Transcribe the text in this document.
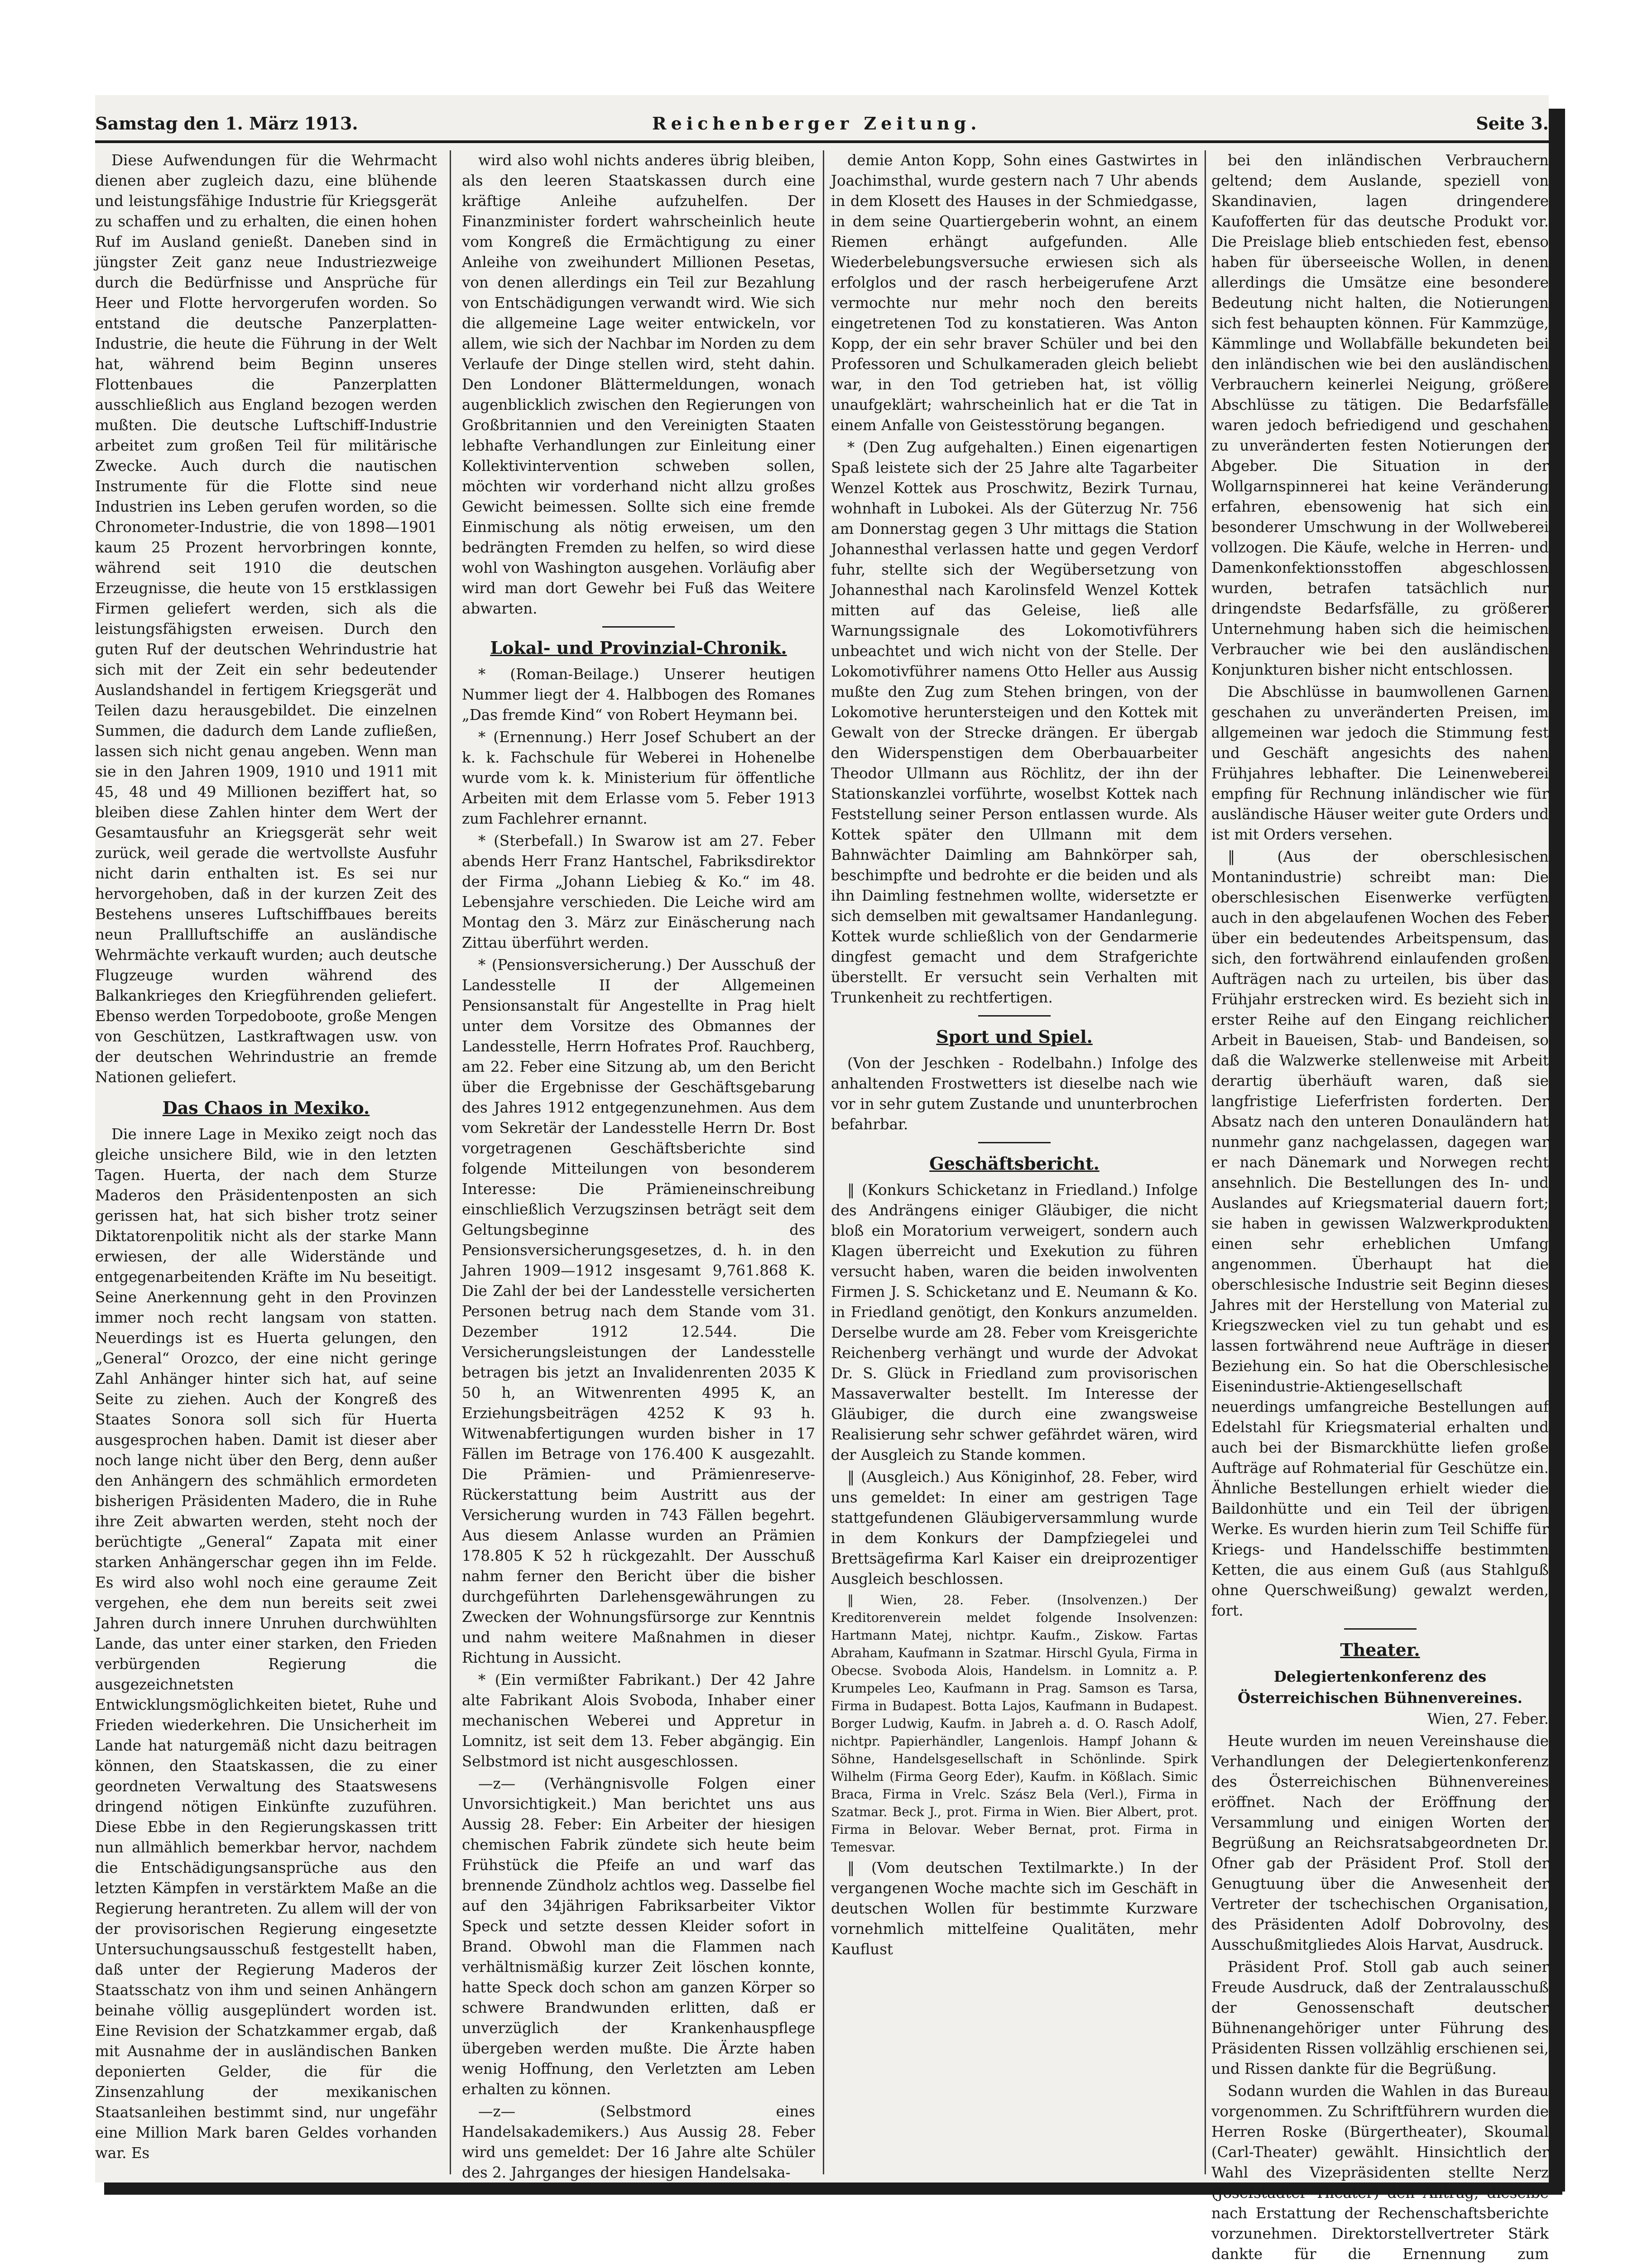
Samstag den 1. März 1913.	Reichenberger Zeitung.	Seite 3.

Diese Aufwendungen für die Wehrmacht dienen aber zugleich dazu, eine blühende und leistungsfähige Industrie für Kriegsgerät zu schaffen und zu erhalten, die einen hohen Ruf im Ausland genießt. Daneben sind in jüngster Zeit ganz neue Industriezweige durch die Bedürfnisse und Ansprüche für Heer und Flotte hervorgerufen worden. So entstand die deutsche Panzerplatten-Industrie, die heute die Führung in der Welt hat, während beim Beginn unseres Flottenbaues die Panzerplatten ausschließlich aus England bezogen werden mußten. Die deutsche Luftschiff-Industrie arbeitet zum großen Teil für militärische Zwecke. Auch durch die nautischen Instrumente für die Flotte sind neue Industrien ins Leben gerufen worden, so die Chronometer-Industrie, die von 1898—1901 kaum 25 Prozent hervorbringen konnte, während seit 1910 die deutschen Erzeugnisse, die heute von 15 erstklassigen Firmen geliefert werden, sich als die leistungsfähigsten erweisen. Durch den guten Ruf der deutschen Wehrindustrie hat sich mit der Zeit ein sehr bedeutender Auslandshandel in fertigem Kriegsgerät und Teilen dazu herausgebildet. Die einzelnen Summen, die dadurch dem Lande zufließen, lassen sich nicht genau angeben. Wenn man sie in den Jahren 1909, 1910 und 1911 mit 45, 48 und 49 Millionen beziffert hat, so bleiben diese Zahlen hinter dem Wert der Gesamtausfuhr an Kriegsgerät sehr weit zurück, weil gerade die wertvollste Ausfuhr nicht darin enthalten ist. Es sei nur hervorgehoben, daß in der kurzen Zeit des Bestehens unseres Luftschiffbaues bereits neun Prallluftschiffe an ausländische Wehrmächte verkauft wurden; auch deutsche Flugzeuge wurden während des Balkankrieges den Kriegführenden geliefert. Ebenso werden Torpedoboote, große Mengen von Geschützen, Lastkraftwagen usw. von der deutschen Wehrindustrie an fremde Nationen geliefert.

Das Chaos in Mexiko.

Die innere Lage in Mexiko zeigt noch das gleiche unsichere Bild, wie in den letzten Tagen. Huerta, der nach dem Sturze Maderos den Präsidentenposten an sich gerissen hat, hat sich bisher trotz seiner Diktatorenpolitik nicht als der starke Mann erwiesen, der alle Widerstände und entgegenarbeitenden Kräfte im Nu beseitigt. Seine Anerkennung geht in den Provinzen immer noch recht langsam von statten. Neuerdings ist es Huerta gelungen, den „General“ Orozco, der eine nicht geringe Zahl Anhänger hinter sich hat, auf seine Seite zu ziehen. Auch der Kongreß des Staates Sonora soll sich für Huerta ausgesprochen haben. Damit ist dieser aber noch lange nicht über den Berg, denn außer den Anhängern des schmählich ermordeten bisherigen Präsidenten Madero, die in Ruhe ihre Zeit abwarten werden, steht noch der berüchtigte „General“ Zapata mit einer starken Anhängerschar gegen ihn im Felde. Es wird also wohl noch eine geraume Zeit vergehen, ehe dem nun bereits seit zwei Jahren durch innere Unruhen durchwühlten Lande, das unter einer starken, den Frieden verbürgenden Regierung die ausgezeichnetsten Entwicklungsmöglichkeiten bietet, Ruhe und Frieden wiederkehren. Die Unsicherheit im Lande hat naturgemäß nicht dazu beitragen können, den Staatskassen, die zu einer geordneten Verwaltung des Staatswesens dringend nötigen Einkünfte zuzuführen. Diese Ebbe in den Regierungskassen tritt nun allmählich bemerkbar hervor, nachdem die Entschädigungsansprüche aus den letzten Kämpfen in verstärktem Maße an die Regierung herantreten. Zu allem will der von der provisorischen Regierung eingesetzte Untersuchungsausschuß festgestellt haben, daß unter der Regierung Maderos der Staatsschatz von ihm und seinen Anhängern beinahe völlig ausgeplündert worden ist. Eine Revision der Schatzkammer ergab, daß mit Ausnahme der in ausländischen Banken deponierten Gelder, die für die Zinsenzahlung der mexikanischen Staatsanleihen bestimmt sind, nur ungefähr eine Million Mark baren Geldes vorhanden war. Es

wird also wohl nichts anderes übrig bleiben, als den leeren Staatskassen durch eine kräftige Anleihe aufzuhelfen. Der Finanzminister fordert wahrscheinlich heute vom Kongreß die Ermächtigung zu einer Anleihe von zweihundert Millionen Pesetas, von denen allerdings ein Teil zur Bezahlung von Entschädigungen verwandt wird. Wie sich die allgemeine Lage weiter entwickeln, vor allem, wie sich der Nachbar im Norden zu dem Verlaufe der Dinge stellen wird, steht dahin. Den Londoner Blättermeldungen, wonach augenblicklich zwischen den Regierungen von Großbritannien und den Vereinigten Staaten lebhafte Verhandlungen zur Einleitung einer Kollektivintervention schweben sollen, möchten wir vorderhand nicht allzu großes Gewicht beimessen. Sollte sich eine fremde Einmischung als nötig erweisen, um den bedrängten Fremden zu helfen, so wird diese wohl von Washington ausgehen. Vorläufig aber wird man dort Gewehr bei Fuß das Weitere abwarten.

Lokal- und Provinzial-Chronik.

* (Roman-Beilage.) Unserer heutigen Nummer liegt der 4. Halbbogen des Romanes „Das fremde Kind“ von Robert Heymann bei.

* (Ernennung.) Herr Josef Schubert an der k. k. Fachschule für Weberei in Hohenelbe wurde vom k. k. Ministerium für öffentliche Arbeiten mit dem Erlasse vom 5. Feber 1913 zum Fachlehrer ernannt.

* (Sterbefall.) In Swarow ist am 27. Feber abends Herr Franz Hantschel, Fabriksdirektor der Firma „Johann Liebieg & Ko.“ im 48. Lebensjahre verschieden. Die Leiche wird am Montag den 3. März zur Einäscherung nach Zittau überführt werden.

* (Pensionsversicherung.) Der Ausschuß der Landesstelle II der Allgemeinen Pensionsanstalt für Angestellte in Prag hielt unter dem Vorsitze des Obmannes der Landesstelle, Herrn Hofrates Prof. Rauchberg, am 22. Feber eine Sitzung ab, um den Bericht über die Ergebnisse der Geschäftsgebarung des Jahres 1912 entgegenzunehmen. Aus dem vom Sekretär der Landesstelle Herrn Dr. Bost vorgetragenen Geschäftsberichte sind folgende Mitteilungen von besonderem Interesse: Die Prämieneinschreibung einschließlich Verzugszinsen beträgt seit dem Geltungsbeginne des Pensionsversicherungsgesetzes, d. h. in den Jahren 1909—1912 insgesamt 9,761.868 K. Die Zahl der bei der Landesstelle versicherten Personen betrug nach dem Stande vom 31. Dezember 1912 12.544. Die Versicherungsleistungen der Landesstelle betragen bis jetzt an Invalidenrenten 2035 K 50 h, an Witwenrenten 4995 K, an Erziehungsbeiträgen 4252 K 93 h. Witwenabfertigungen wurden bisher in 17 Fällen im Betrage von 176.400 K ausgezahlt. Die Prämien- und Prämienreserve-Rückerstattung beim Austritt aus der Versicherung wurden in 743 Fällen begehrt. Aus diesem Anlasse wurden an Prämien 178.805 K 52 h rückgezahlt. Der Ausschuß nahm ferner den Bericht über die bisher durchgeführten Darlehensgewährungen zu Zwecken der Wohnungsfürsorge zur Kenntnis und nahm weitere Maßnahmen in dieser Richtung in Aussicht.

* (Ein vermißter Fabrikant.) Der 42 Jahre alte Fabrikant Alois Svoboda, Inhaber einer mechanischen Weberei und Appretur in Lomnitz, ist seit dem 13. Feber abgängig. Ein Selbstmord ist nicht ausgeschlossen.

—z— (Verhängnisvolle Folgen einer Unvorsichtigkeit.) Man berichtet uns aus Aussig 28. Feber: Ein Arbeiter der hiesigen chemischen Fabrik zündete sich heute beim Frühstück die Pfeife an und warf das brennende Zündholz achtlos weg. Dasselbe fiel auf den 34jährigen Fabriksarbeiter Viktor Speck und setzte dessen Kleider sofort in Brand. Obwohl man die Flammen nach verhältnismäßig kurzer Zeit löschen konnte, hatte Speck doch schon am ganzen Körper so schwere Brandwunden erlitten, daß er unverzüglich der Krankenhauspflege übergeben werden mußte. Die Ärzte haben wenig Hoffnung, den Verletzten am Leben erhalten zu können.

—z— (Selbstmord eines Handelsakademikers.) Aus Aussig 28. Feber wird uns gemeldet: Der 16 Jahre alte Schüler des 2. Jahrganges der hiesigen Handelsaka-

demie Anton Kopp, Sohn eines Gastwirtes in Joachimsthal, wurde gestern nach 7 Uhr abends in dem Klosett des Hauses in der Schmiedgasse, in dem seine Quartiergeberin wohnt, an einem Riemen erhängt aufgefunden. Alle Wiederbelebungsversuche erwiesen sich als erfolglos und der rasch herbeigerufene Arzt vermochte nur mehr noch den bereits eingetretenen Tod zu konstatieren. Was Anton Kopp, der ein sehr braver Schüler und bei den Professoren und Schulkameraden gleich beliebt war, in den Tod getrieben hat, ist völlig unaufgeklärt; wahrscheinlich hat er die Tat in einem Anfalle von Geistesstörung begangen.

* (Den Zug aufgehalten.) Einen eigenartigen Spaß leistete sich der 25 Jahre alte Tagarbeiter Wenzel Kottek aus Proschwitz, Bezirk Turnau, wohnhaft in Lubokei. Als der Güterzug Nr. 756 am Donnerstag gegen 3 Uhr mittags die Station Johannesthal verlassen hatte und gegen Verdorf fuhr, stellte sich der Wegübersetzung von Johannesthal nach Karolinsfeld Wenzel Kottek mitten auf das Geleise, ließ alle Warnungssignale des Lokomotivführers unbeachtet und wich nicht von der Stelle. Der Lokomotivführer namens Otto Heller aus Aussig mußte den Zug zum Stehen bringen, von der Lokomotive heruntersteigen und den Kottek mit Gewalt von der Strecke drängen. Er übergab den Widerspenstigen dem Oberbauarbeiter Theodor Ullmann aus Röchlitz, der ihn der Stationskanzlei vorführte, woselbst Kottek nach Feststellung seiner Person entlassen wurde. Als Kottek später den Ullmann mit dem Bahnwächter Daimling am Bahnkörper sah, beschimpfte und bedrohte er die beiden und als ihn Daimling festnehmen wollte, widersetzte er sich demselben mit gewaltsamer Handanlegung. Kottek wurde schließlich von der Gendarmerie dingfest gemacht und dem Strafgerichte überstellt. Er versucht sein Verhalten mit Trunkenheit zu rechtfertigen.

Sport und Spiel.

(Von der Jeschken - Rodelbahn.) Infolge des anhaltenden Frostwetters ist dieselbe nach wie vor in sehr gutem Zustande und ununterbrochen befahrbar.

Geschäftsbericht.

‖ (Konkurs Schicketanz in Friedland.) Infolge des Andrängens einiger Gläubiger, die nicht bloß ein Moratorium verweigert, sondern auch Klagen überreicht und Exekution zu führen versucht haben, waren die beiden inwolventen Firmen J. S. Schicketanz und E. Neumann & Ko. in Friedland genötigt, den Konkurs anzumelden. Derselbe wurde am 28. Feber vom Kreisgerichte Reichenberg verhängt und wurde der Advokat Dr. S. Glück in Friedland zum provisorischen Massaverwalter bestellt. Im Interesse der Gläubiger, die durch eine zwangsweise Realisierung sehr schwer gefährdet wären, wird der Ausgleich zu Stande kommen.

‖ (Ausgleich.) Aus Königinhof, 28. Feber, wird uns gemeldet: In einer am gestrigen Tage stattgefundenen Gläubigerversammlung wurde in dem Konkurs der Dampfziegelei und Brettsägefirma Karl Kaiser ein dreiprozentiger Ausgleich beschlossen.

‖ Wien, 28. Feber. (Insolvenzen.) Der Kreditorenverein meldet folgende Insolvenzen: Hartmann Matej, nichtpr. Kaufm., Ziskow. Fartas Abraham, Kaufmann in Szatmar. Hirschl Gyula, Firma in Obecse. Svoboda Alois, Handelsm. in Lomnitz a. P. Krumpeles Leo, Kaufmann in Prag. Samson es Tarsa, Firma in Budapest. Botta Lajos, Kaufmann in Budapest. Borger Ludwig, Kaufm. in Jabreh a. d. O. Rasch Adolf, nichtpr. Papierhändler, Langenlois. Hampf Johann & Söhne, Handelsgesellschaft in Schönlinde. Spirk Wilhelm (Firma Georg Eder), Kaufm. in Kößlach. Simic Braca, Firma in Vrelc. Szász Bela (Verl.), Firma in Szatmar. Beck J., prot. Firma in Wien. Bier Albert, prot. Firma in Belovar. Weber Bernat, prot. Firma in Temesvar.

‖ (Vom deutschen Textilmarkte.) In der vergangenen Woche machte sich im Geschäft in deutschen Wollen für bestimmte Kurzware vornehmlich mittelfeine Qualitäten, mehr Kauflust

bei den inländischen Verbrauchern geltend; dem Auslande, speziell von Skandinavien, lagen dringendere Kaufofferten für das deutsche Produkt vor. Die Preislage blieb entschieden fest, ebenso haben für überseeische Wollen, in denen allerdings die Umsätze eine besondere Bedeutung nicht halten, die Notierungen sich fest behaupten können. Für Kammzüge, Kämmlinge und Wollabfälle bekundeten bei den inländischen wie bei den ausländischen Verbrauchern keinerlei Neigung, größere Abschlüsse zu tätigen. Die Bedarfsfälle waren jedoch befriedigend und geschahen zu unveränderten festen Notierungen der Abgeber. Die Situation in der Wollgarnspinnerei hat keine Veränderung erfahren, ebensowenig hat sich ein besonderer Umschwung in der Wollweberei vollzogen. Die Käufe, welche in Herren- und Damenkonfektionsstoffen abgeschlossen wurden, betrafen tatsächlich nur dringendste Bedarfsfälle, zu größerer Unternehmung haben sich die heimischen Verbraucher wie bei den ausländischen Konjunkturen bisher nicht entschlossen.

Die Abschlüsse in baumwollenen Garnen geschahen zu unveränderten Preisen, im allgemeinen war jedoch die Stimmung fest und Geschäft angesichts des nahen Frühjahres lebhafter. Die Leinenweberei empfing für Rechnung inländischer wie für ausländische Häuser weiter gute Orders und ist mit Orders versehen.

‖ (Aus der oberschlesischen Montanindustrie) schreibt man: Die oberschlesischen Eisenwerke verfügten auch in den abgelaufenen Wochen des Feber über ein bedeutendes Arbeitspensum, das sich, den fortwährend einlaufenden großen Aufträgen nach zu urteilen, bis über das Frühjahr erstrecken wird. Es bezieht sich in erster Reihe auf den Eingang reichlicher Arbeit in Baueisen, Stab- und Bandeisen, so daß die Walzwerke stellenweise mit Arbeit derartig überhäuft waren, daß sie langfristige Lieferfristen forderten. Der Absatz nach den unteren Donauländern hat nunmehr ganz nachgelassen, dagegen war er nach Dänemark und Norwegen recht ansehnlich. Die Bestellungen des In- und Auslandes auf Kriegsmaterial dauern fort; sie haben in gewissen Walzwerkprodukten einen sehr erheblichen Umfang angenommen. Überhaupt hat die oberschlesische Industrie seit Beginn dieses Jahres mit der Herstellung von Material zu Kriegszwecken viel zu tun gehabt und es lassen fortwährend neue Aufträge in dieser Beziehung ein. So hat die Oberschlesische Eisenindustrie-Aktiengesellschaft neuerdings umfangreiche Bestellungen auf Edelstahl für Kriegsmaterial erhalten und auch bei der Bismarckhütte liefen große Aufträge auf Rohmaterial für Geschütze ein. Ähnliche Bestellungen erhielt wieder die Baildonhütte und ein Teil der übrigen Werke. Es wurden hierin zum Teil Schiffe für Kriegs- und Handelsschiffe bestimmten Ketten, die aus einem Guß (aus Stahlguß ohne Querschweißung) gewalzt werden, fort.

Theater.

Delegiertenkonferenz des

Österreichischen Bühnenvereines.

Wien, 27. Feber.

Heute wurden im neuen Vereinshause die Verhandlungen der Delegiertenkonferenz des Österreichischen Bühnenvereines eröffnet. Nach der Eröffnung der Versammlung und einigen Worten der Begrüßung an Reichsratsabgeordneten Dr. Ofner gab der Präsident Prof. Stoll der Genugtuung über die Anwesenheit der Vertreter der tschechischen Organisation, des Präsidenten Adolf Dobrovolny, des Ausschußmitgliedes Alois Harvat, Ausdruck.

Präsident Prof. Stoll gab auch seiner Freude Ausdruck, daß der Zentralausschuß der Genossenschaft deutscher Bühnenangehöriger unter Führung des Präsidenten Rissen vollzählig erschienen sei, und Rissen dankte für die Begrüßung.

Sodann wurden die Wahlen in das Bureau vorgenommen. Zu Schriftführern wurden die Herren Roske (Bürgertheater), Skoumal (Carl-Theater) gewählt. Hinsichtlich der Wahl des Vizepräsidenten stellte Nerz (Josefstädter Theater) den Antrag, dieselbe nach Erstattung der Rechenschaftsberichte vorzunehmen. Direktorstellvertreter Stärk dankte für die Ernennung zum
